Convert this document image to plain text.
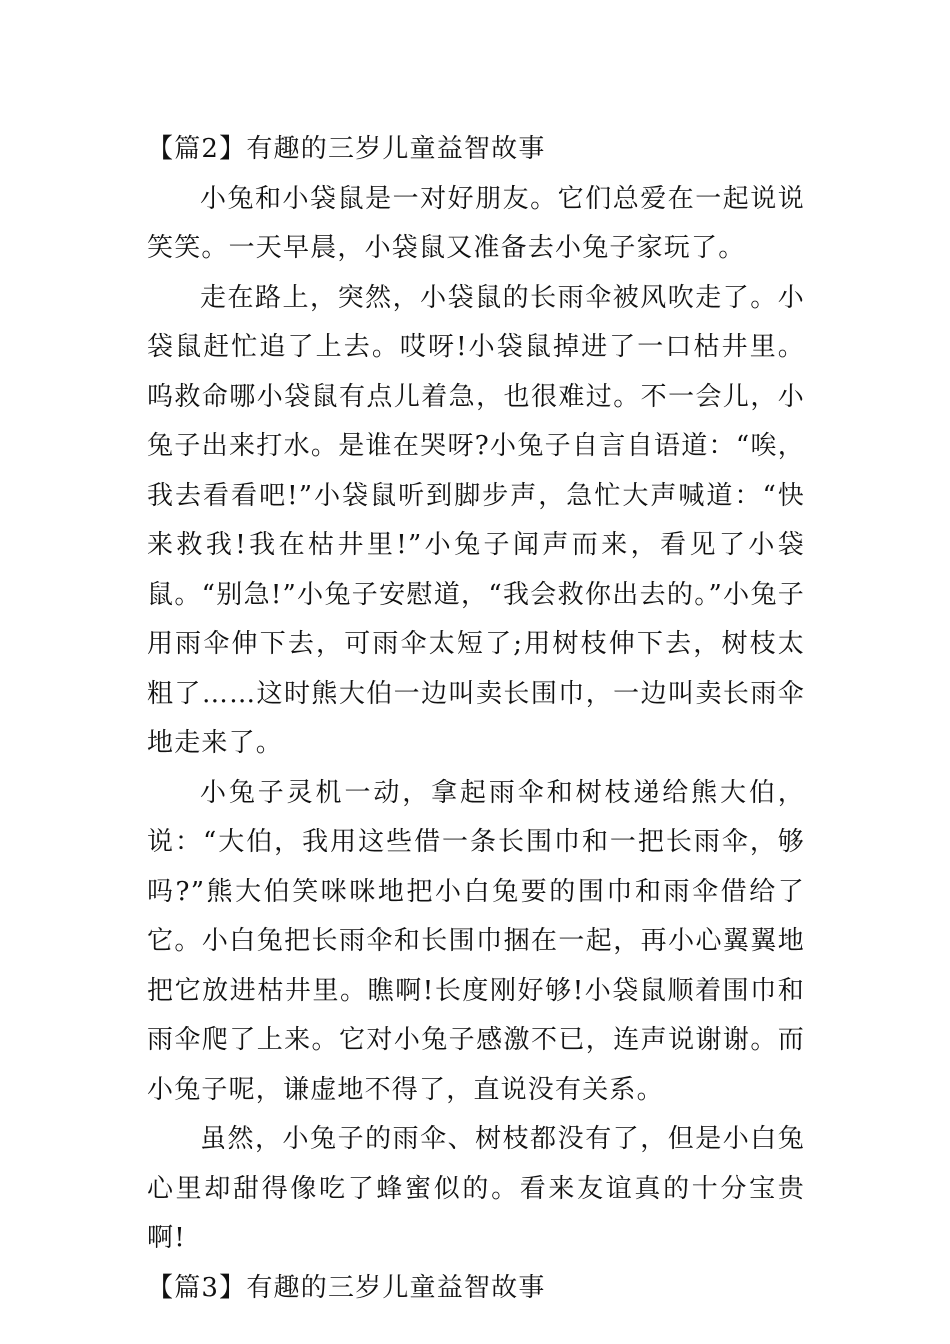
【篇2】有趣的三岁儿童益智故事

小兔和小袋鼠是一对好朋友。它们总爱在一起说说笑笑。一天早晨，小袋鼠又准备去小兔子家玩了。

走在路上，突然，小袋鼠的长雨伞被风吹走了。小袋鼠赶忙追了上去。哎呀!小袋鼠掉进了一口枯井里。呜救命哪小袋鼠有点儿着急，也很难过。不一会儿，小兔子出来打水。是谁在哭呀?小兔子自言自语道：“唉，我去看看吧!”小袋鼠听到脚步声，急忙大声喊道：“快来救我!我在枯井里!”小兔子闻声而来，看见了小袋鼠。“别急!”小兔子安慰道，“我会救你出去的。”小兔子用雨伞伸下去，可雨伞太短了;用树枝伸下去，树枝太粗了……这时熊大伯一边叫卖长围巾，一边叫卖长雨伞地走来了。

小兔子灵机一动，拿起雨伞和树枝递给熊大伯，说：“大伯，我用这些借一条长围巾和一把长雨伞，够吗?”熊大伯笑咪咪地把小白兔要的围巾和雨伞借给了它。小白兔把长雨伞和长围巾捆在一起，再小心翼翼地把它放进枯井里。瞧啊!长度刚好够!小袋鼠顺着围巾和雨伞爬了上来。它对小兔子感激不已，连声说谢谢。而小兔子呢，谦虚地不得了，直说没有关系。

虽然，小兔子的雨伞、树枝都没有了，但是小白兔心里却甜得像吃了蜂蜜似的。看来友谊真的十分宝贵啊!

【篇3】有趣的三岁儿童益智故事
